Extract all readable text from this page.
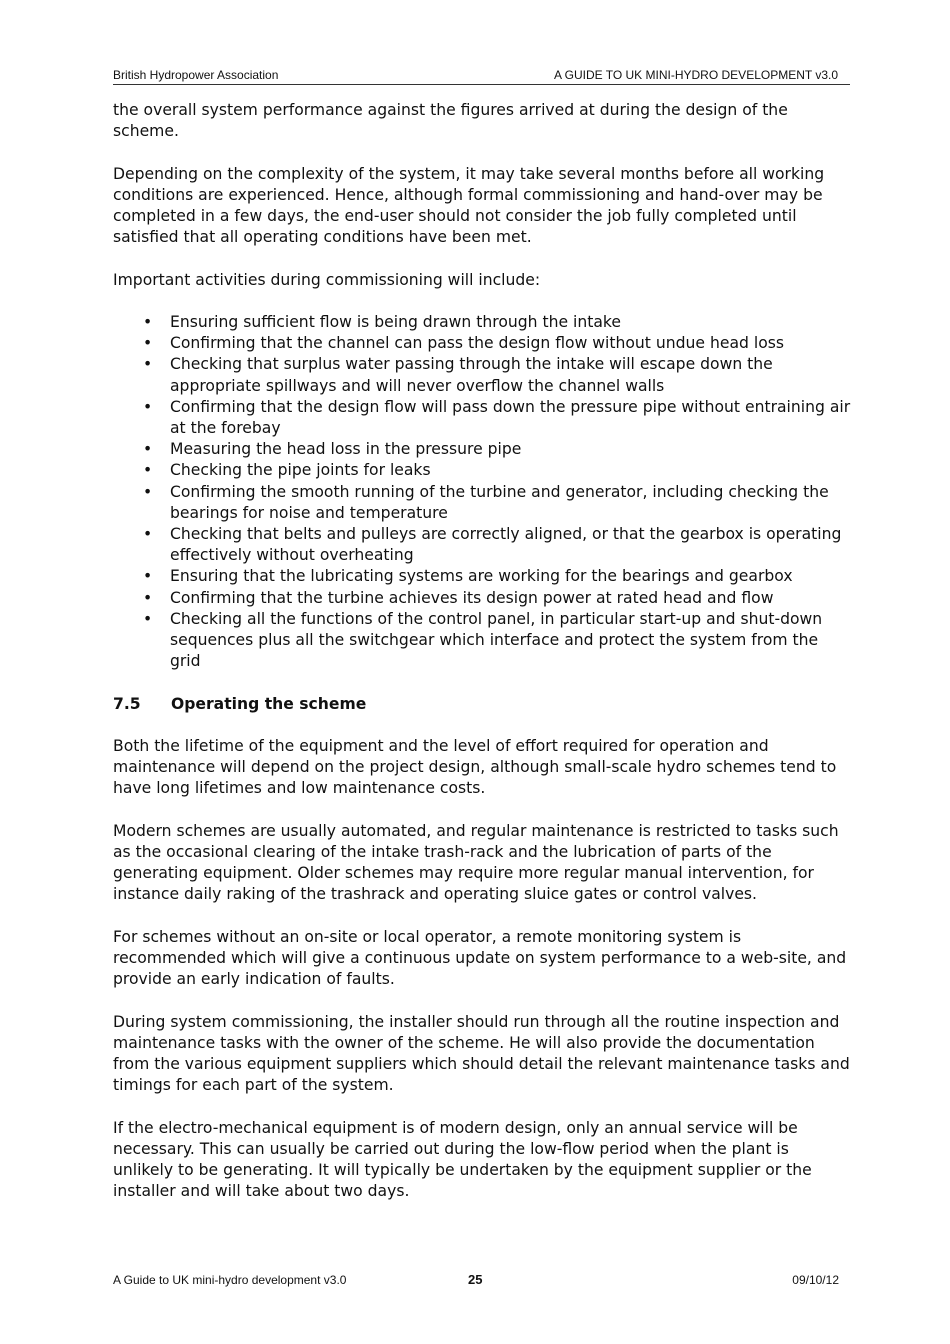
British Hydropower Association	A GUIDE TO UK MINI-HYDRO DEVELOPMENT v3.0

the overall system performance against the figures arrived at during the design of the scheme.

Depending on the complexity of the system, it may take several months before all working conditions are experienced. Hence, although formal commissioning and hand-over may be completed in a few days, the end-user should not consider the job fully completed until satisfied that all operating conditions have been met.

Important activities during commissioning will include:

• Ensuring sufficient flow is being drawn through the intake
• Confirming that the channel can pass the design flow without undue head loss
• Checking that surplus water passing through the intake will escape down the appropriate spillways and will never overflow the channel walls
• Confirming that the design flow will pass down the pressure pipe without entraining air at the forebay
• Measuring the head loss in the pressure pipe
• Checking the pipe joints for leaks
• Confirming the smooth running of the turbine and generator, including checking the bearings for noise and temperature
• Checking that belts and pulleys are correctly aligned, or that the gearbox is operating effectively without overheating
• Ensuring that the lubricating systems are working for the bearings and gearbox
• Confirming that the turbine achieves its design power at rated head and flow
• Checking all the functions of the control panel, in particular start-up and shut-down sequences plus all the switchgear which interface and protect the system from the grid
7.5 Operating the scheme

Both the lifetime of the equipment and the level of effort required for operation and maintenance will depend on the project design, although small-scale hydro schemes tend to have long lifetimes and low maintenance costs.

Modern schemes are usually automated, and regular maintenance is restricted to tasks such as the occasional clearing of the intake trash-rack and the lubrication of parts of the generating equipment. Older schemes may require more regular manual intervention, for instance daily raking of the trashrack and operating sluice gates or control valves.

For schemes without an on-site or local operator, a remote monitoring system is recommended which will give a continuous update on system performance to a web-site, and provide an early indication of faults.

During system commissioning, the installer should run through all the routine inspection and maintenance tasks with the owner of the scheme. He will also provide the documentation from the various equipment suppliers which should detail the relevant maintenance tasks and timings for each part of the system.

If the electro-mechanical equipment is of modern design, only an annual service will be necessary. This can usually be carried out during the low-flow period when the plant is unlikely to be generating. It will typically be undertaken by the equipment supplier or the installer and will take about two days.

A Guide to UK mini-hydro development v3.0	25	09/10/12
